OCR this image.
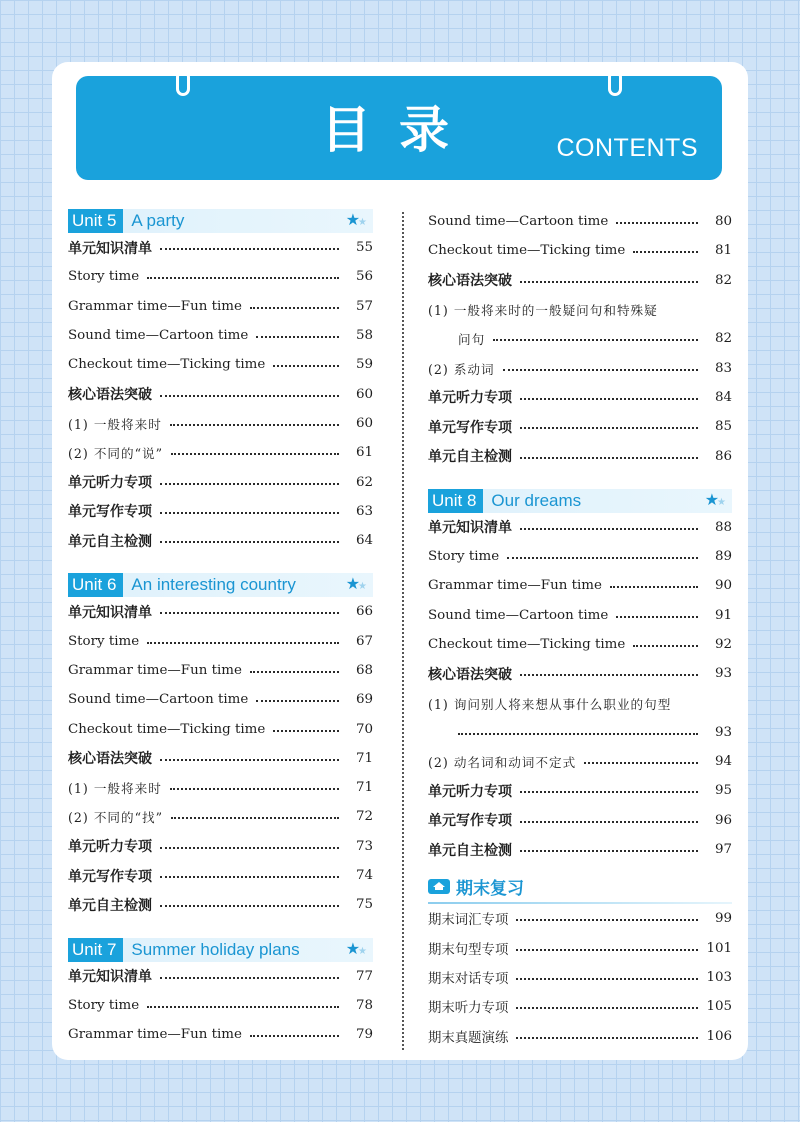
目录	CONTENTS
Unit 5 A party	★★
单元知识清单	55
Story time	56
Grammar time—Fun time	57
Sound time—Cartoon time	58
Checkout time—Ticking time	59
核心语法突破	60
(1) 一般将来时	60
(2) 不同的“说”	61
单元听力专项	62
单元写作专项	63
单元自主检测	64
Unit 6 An interesting country	★★
单元知识清单	66
Story time	67
Grammar time—Fun time	68
Sound time—Cartoon time	69
Checkout time—Ticking time	70
核心语法突破	71
(1) 一般将来时	71
(2) 不同的“找”	72
单元听力专项	73
单元写作专项	74
单元自主检测	75
Unit 7 Summer holiday plans	★★
单元知识清单	77
Story time	78
Grammar time—Fun time	79
Sound time—Cartoon time	80
Checkout time—Ticking time	81
核心语法突破	82
(1) 一般将来时的一般疑问句和特殊疑
问句	82
(2) 系动词	83
单元听力专项	84
单元写作专项	85
单元自主检测	86
Unit 8 Our dreams	★★
单元知识清单	88
Story time	89
Grammar time—Fun time	90
Sound time—Cartoon time	91
Checkout time—Ticking time	92
核心语法突破	93
(1) 询问别人将来想从事什么职业的句型
93
(2) 动名词和动词不定式	94
单元听力专项	95
单元写作专项	96
单元自主检测	97
期末复习
期末词汇专项	99
期末句型专项	101
期末对话专项	103
期末听力专项	105
期末真题演练	106
